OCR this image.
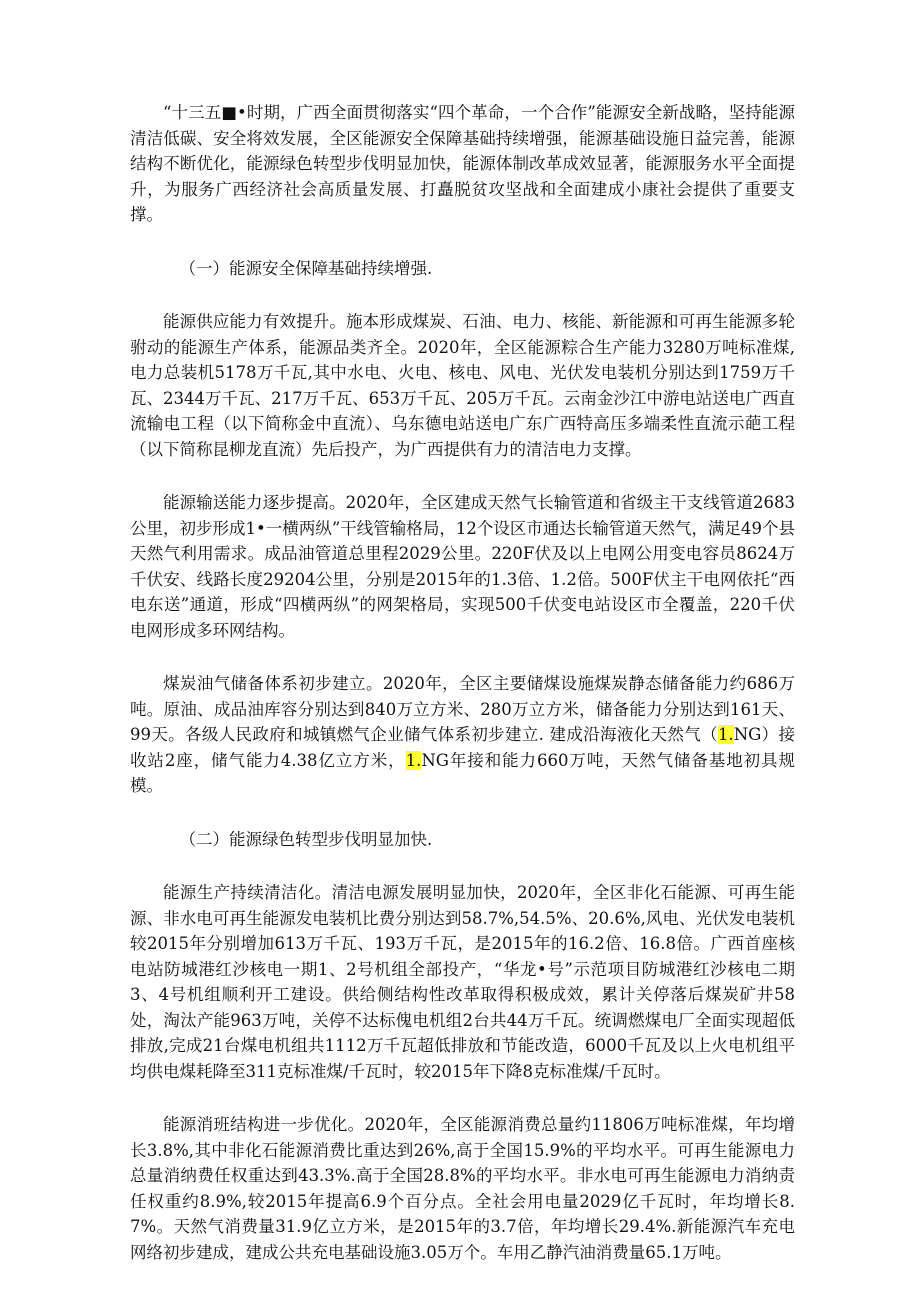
“十三五■•时期，广西全面贯彻落实“四个革命，一个合作”能源安全新战略，坚持能源清洁低碳、安全将效发展，全区能源安全保障基础持续增强，能源基础设施日益完善，能源结构不断优化，能源绿色转型步伐明显加快，能源体制改革成效显著，能源服务水平全面提升，为服务广西经济社会高质量发展、打矗脱贫攻坚战和全面建成小康社会提供了重要支撑。

（一）能源安全保障基础持续增强.

能源供应能力有效提升。施本形成煤炭、石油、电力、核能、新能源和可再生能源多轮驸动的能源生产体系，能源品类齐全。2020年，全区能源粽合生产能力3280万吨标准煤,电力总装机5178万千瓦,其中水电、火电、核电、风电、光伏发电装机分别达到1759万千瓦、2344万千瓦、217万千瓦、653万千瓦、205万千瓦。云南金沙江中游电站送电广西直流输电工程（以下简称金中直流）、乌东德电站送电广东广西特高压多端柔性直流示葩工程（以下简称昆柳龙直流）先后投产，为广西提供有力的清洁电力支撑。

能源输送能力逐步提高。2020年，全区建成天然气长输管道和省级主干支线管道2683公里，初步形成1•一横两纵”干线管输格局，12个设区市通达长输管道天然气，满足49个县天然气利用需求。成品油管道总里程2029公里。220F伏及以上电网公用变电容员8624万千伏安、线路长度29204公里，分别是2015年的1.3倍、1.2倍。500F伏主干电网依托“西电东送”通道，形成“四横两纵”的网架格局，实现500千伏变电站设区市全覆盖，220千伏电网形成多环网结构。

煤炭油气储备体系初步建立。2020年，全区主要储煤设施煤炭静态储备能力约686万吨。原油、成品油库容分别达到840万立方米、280万立方米，储备能力分别达到161天、99天。各级人民政府和城镇燃气企业储气体系初步建立. 建成沿海液化天然气（1.NG）接收站2座，储气能力4.38亿立方米，1.NG年接和能力660万吨，天然气储备基地初具规模。

（二）能源绿色转型步伐明显加快.

能源生产持续清洁化。清洁电源发展明显加快，2020年，全区非化石能源、可再生能源、非水电可再生能源发电装机比费分别达到58.7%,54.5%、20.6%,风电、光伏发电装机较2015年分别增加613万千瓦、193万千瓦，是2015年的16.2倍、16.8倍。广西首座核电站防城港红沙核电一期1、2号机组全部投产，“华龙•号”示范项目防城港红沙核电二期3、4号机组顺利开工建设。供给侧结构性改革取得积极成效，累计关停落后煤炭矿井58处，淘汰产能963万吨，关停不达标傀电机组2台共44万千瓦。统调燃煤电厂全面实现超低排放,完成21台煤电机组共1112万千瓦超低排放和节能改造，6000千瓦及以上火电机组平均供电煤耗降至311克标准煤/千瓦时，较2015年下降8克标准煤/千瓦时。

能源消班结构进一步优化。2020年，全区能源消费总量约11806万吨标准煤，年均增长3.8%,其中非化石能源消费比重达到26%,高于全国15.9%的平均水平。可再生能源电力总量消纳费任权重达到43.3%.高于全国28.8%的平均水平。非水电可再生能源电力消纳责任权重约8.9%,较2015年提高6.9个百分点。全社会用电量2029亿千瓦时，年均增长8.7%。天然气消费量31.9亿立方米，是2015年的3.7倍，年均增长29.4%.新能源汽车充电网络初步建成，建成公共充电基础设施3.05万个。车用乙静汽油消费量65.1万吨。
